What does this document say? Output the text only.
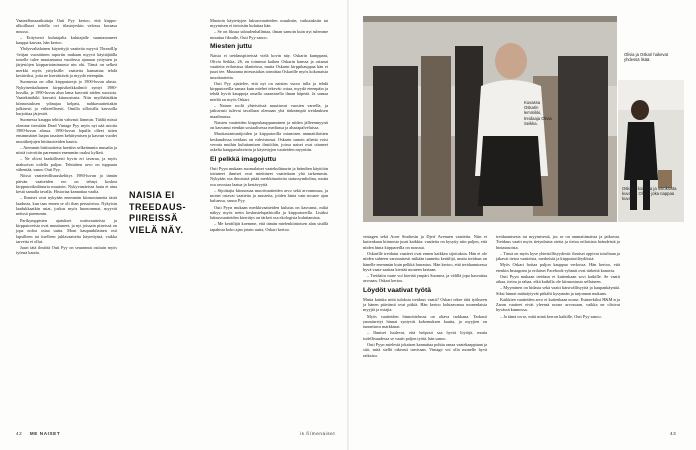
Vaatealbussaatkuttaja Outi Pyy kertoo, että kirppu-ulkoilluuri todella ovi tilastojeskin valossa koraasa noussa.

– Erityisesti kulutajalta kulutajalle suuntautuneet kauppa kasvaa, hän kertoo.

Yhdysvaltalainen käytettyjä vaatteita myyvä ThreadUp -leitjan vuositiinen raportin mukaan myyvä käyttäjäälla toiselle tulee muutamassa vuodessa ajanaan yritysten ja järjestöjen kirppartoiminnasta nin ohi. Tämä on selkeä merkki myös yrityksille: vaatteita kannattaa tehdä kestäviksi, jotta ne kierrättävät ja myydä eteenpäin.

Suomessa on ollut kirpputoreja jo 1900-luvun alusta. Nykyisenkaltainen kirppisikeikkailmiö syntyi 1980-luvulla, ja 1990-luvun alun lama kasvatti niiden suosiota. Vaatekinäkiki kasvatti kiinnostusta. Niin myöhäistäkin kiinnostuksen ydinajaa kelpasi, nahkavaatteitakin julkisesti ja viihteellisesti. Omilla silloisilla kasvuilla harjoittaa järjestöt.

Suomessa kauppa tehtiin vahvasti lämmin. Täältä missä olemme itsestään Dead Vintage Pyy myös nyt nää asioita 1980-luvun alussa. 1990-luvun lopulla olleet sitten ensimmäiset laajan tasaisen kehittymisen ja kasvun vuodet muotiketjujen hittituotteiden kautta.

– Aiemmin hittituotteita haettiin selkeämmin muualta ja niistä toivottiin paremmin enemmän osaksi kylkeä.

– Ne olivat laadullisesti hyvin eri tavaraa, ja myös maksoivat todella paljon. Tehtaitten arvo on tuppaatu vähentää, sanoo Outi Pyy.

Niissä vaateteollisuuskehitys 1980-luvun ja tämän päivän vaatteiden ero on tehnyt koskea kirpputorikulttuuria muutoin. Nykyvaatteissa laatu ei aina kestä samalla tavalla. Historiaa kannattaa vaalia.

– Ihmiset ovat nykyään enemmän kiinnostuneita tästä laadusta, kun taas ennen se oli ihan perustietoa. Nykyisin laadukkaatkin asiat, joskus myös huonommat, myyvät netissä paremmin.

Parikymppisten ajatukset uutisvaatteista ja kirpputoreista ovat muuttuneet, ja nyt joissain piireissä on jopa noloa ostaa uutta. Moni kaupunkilainen osti lapsilleen tai itselleen juhlavaatteita käytettyinä, vaikka tarvetta ei ollut.

Juuri tätä ilmiötä Outi Pyy on seurannut osittain myös työnsä kautta.

NAISIA EI TREEDAUS-PIIREISSÄ VIELÄ NÄY.

Muotoin käytettyjen luksusvaatteiden osuuksiin, vaikutuksiin tai myymisen ei tietoisiin kuluttaa hän.

– Se on fiksua taloudenhallintaa, ilman samoin kuin nyt tulemme muuttua fiksulle, Outi Pyy sanoo.

Miesten juttu

Naisia ei treidauspiireissä vielä kovin näy. Oskarin kumppani, Olivia Seikka, 26, on toiminut kaiken Oskarin kanssa ja ostanut vaatteita erilaisissa tilanteissa, mutta Oskarin kirppikauppaa hän ei juuri tee. Muutama miesasiakas toimittaa Oskarille myös kokonaisia muotiaarteita.

Outi Pyy ajattelee, että nyt on naisten vuoro tulla ja tehdä kirpputoreilla samaa kuin miehet tekevät: ostaa, myydä eteenpäin ja tehdä hyviä kauppoja omalla osaamisella ilman häpeää. Ja samaa mieltä on myös Oskari.

– Naisen roolit yhteisöissä muuttuvat vuosien varrella, ja jatkuvasti tulevat tavallaan olemaan yhä tärkeämpiä treidauksen maailmassa.

Naisten vaatteiden kirppiskauppaaminen ja niiden jälleenmyynti on kasvanut etenkin sosiaalisessa mediassa ja alustapalveluissa.

Muotiasiantuntijoiden ja kirpputorilla ostamisen ammattilaisten keskuudessa treidaus on vahvistunut. Oskarin sanoin aihetta voisi verrata muihin kuluttamisen ilmiöihin, joissa naiset ovat ottaneet askelia kauppasuhteisiin ja käytettyjen tuotteiden myyntiin.

El pelkkä imagojuttu

Outi Pyyn mukaan suomalaiset vaatekulttuurin ja brändien käyttöön tottuneet ihmiset ovat miettineet vaatteitaan yhä tarkemmin. Nykyään osa ihmisistä pitää merkkituotteita statussymbolina, mutta osa arvostaa laatua ja kestävyyttä.

– Sijoittajia kiinnostaa muotivaatteiden arvo sekä arvonnousu, ja monet ostavat vaatteita ja asusteita, joiden hinta vain nousee ajan kuluessa, sanoo Pyy.

Outi Pyyn mukaan merkkivaatteiden kulutus on kasvanut, mikä näkyy myös netin keskustelupalstoilla ja kirpputoreilla. Lisäksi luksusvaatteiden kierrätys on tärkeä osa ekologista kuluttamista.

– Me keräilijät koemme, että tämän mielenkiintoisen alan sisällä tapahtuu koko ajan jotain uutta, Oskari kertoo.

42 ME NAISET	is.fi/menaiset
Kuvassa Oskarin lemmikki, treidaaja Olivia Seikka.
Olivia ja Oskari hakevat yhdessä lisää.
Oskarin koirasta ja ostoksista kuvassa Olivia, joka nappaa kuvan.

vintagen sekä Acne Studiosin ja Djerf Avenuen vaatteita. Niin ei kuitenkaan kiinnosta juuri kaikkia: vaatteita on kysytty niin paljon, että niiden hinta kirppareilla on noussut.

Oskarille treidatut vaatteet ovat ennen kaikkea sijoituksia. Hän ei ole niiden suhteen varsinaisesti mikään tunnettu keräilijä, mutta treidaus on hänelle enemmän kuin pelkkä harrastus. Hän kertoo, että treidaamisessa hyvä vaate saattaa kiertää moneen kertaan.

– Treidattu vaate voi kiertää ympäri Suomea, ja välillä jopa kasvattaa arvoaan, Oskari kertoo.

Löydöt vaativat työtä

Mutta kuinka mitä tuloksia treidaus vaatii? Oskari tekee tätä työkseen ja hänen päivänsä ovat pitkiä. Hän kertoo kohtaavansa monenlaisia myyjiä ja ostajia.

Myös vaatteiden hinnoittelussa on oltava tarkkana. Tarkasti ymmärretyt hinnat syntyvät kokemuksen kautta, ja myyjien on tunnettava markkinat.

– Ihmiset luulevat, että helposti saa hyviä löytöjä, mutta todellisuudessa se vaatii paljon työtä, hän sanoo.

Outi Pyyn mielestä jokaisen kannattaa pohtia omaa vaatekaappiaan ja sitä, mitä siellä oikeasti tarvitaan. Vintage voi olla monelle hyvä ratkaisu.

treidaamisesta tai myymisestä, jos se on ammattimaista ja jatkuvaa. Treidaus vaatii myös tietynlaista otetta ja tietoa erilaisista brändeistä ja hintatasoista.

– Tässä on myös kyse yhteisöllisyydestä: ihmiset oppivat toisiltaan ja jakavat tietoa vaatteista, merkeistä ja kirpputorilöydöistä.

Myös Oskari hoitaa paljon kauppaa verkossa. Hän kertoo, että etenkin Instagram ja erilaiset Facebook-ryhmät ovat tärkeitä kanavia.

Outi Pyyn mukaan treidaus ei kuitenkaan sovi kaikille. Se vaatii aikaa, tietoa ja rahaa, eikä kaikilla ole kiinnostusta sellaiseen.

– Myyminen on hidasta sekä vaatii kärsivällisyyttä ja kaupankäyntiä. Siksi hinnat määräytyvät pitkälti kysynnän ja tarjonnan mukaan.

Kaikkien vaatteiden arvo ei kuitenkaan nouse. Esimerkiksi H&M:n ja Zaran vaatteet eivät yleensä nouse arvossaan, vaikka ne olisivat hyvässä kunnossa.

– Ja tämä on se, mitä minä kerron kaikille, Outi Pyy sanoo.

43
